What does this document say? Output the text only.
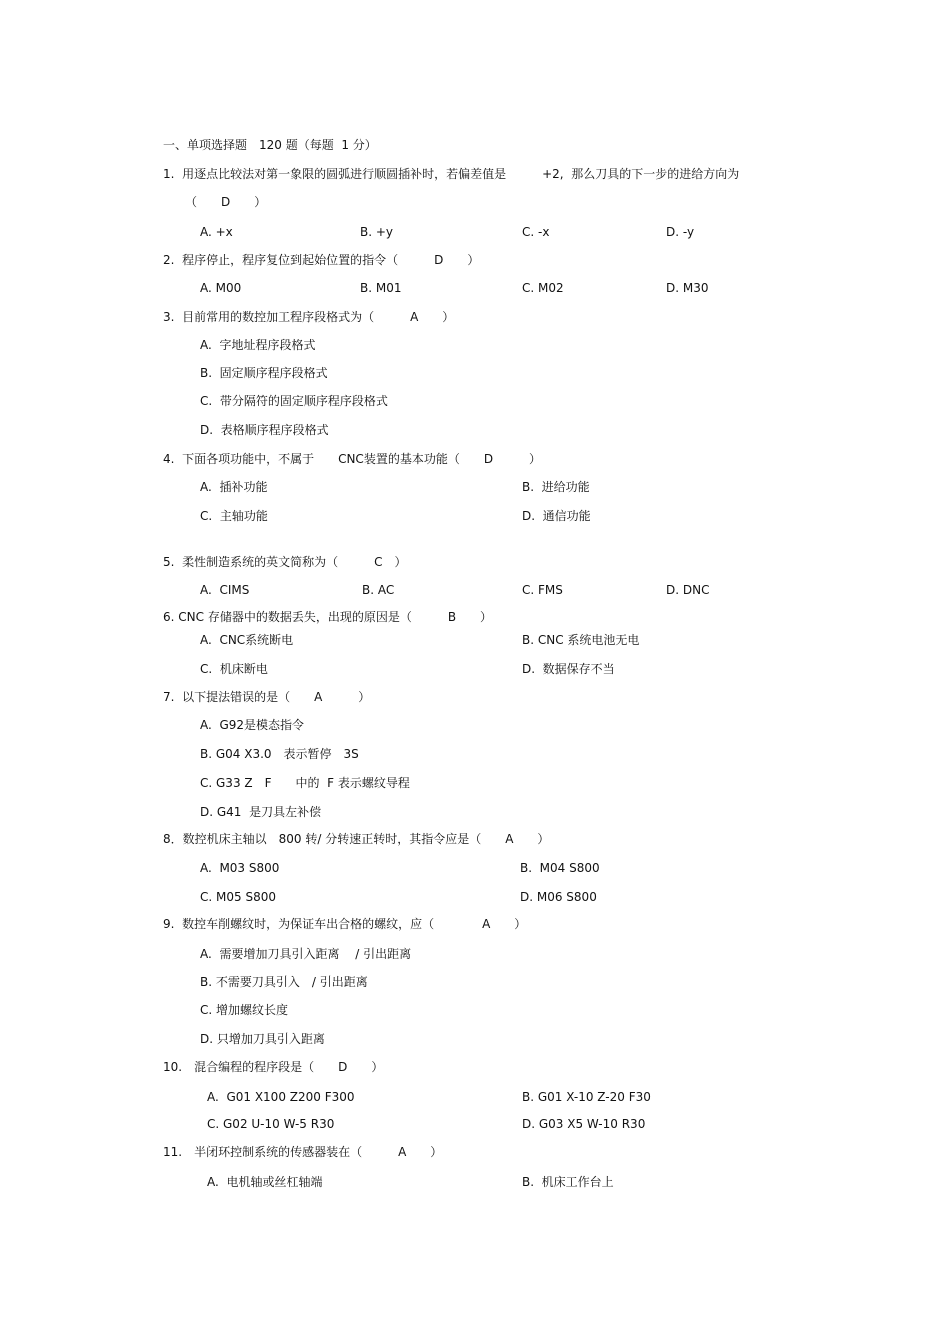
一、单项选择题　120 题（每题  1 分）
1.  用逐点比较法对第一象限的圆弧进行顺圆插补时，若偏差值是　　　+2,  那么刀具的下一步的进给方向为
（　　D　　）
A. +x	B. +y	C. -x	D. -y
2.  程序停止，程序复位到起始位置的指令（　　　D　　）
A. M00	B. M01	C. M02	D. M30
3.  目前常用的数控加工程序段格式为（　　　A　　）
A.  字地址程序段格式
B.  固定顺序程序段格式
C.  带分隔符的固定顺序程序段格式
D.  表格顺序程序段格式
4.  下面各项功能中，不属于　　CNC装置的基本功能（　　D　　　）
A.  插补功能	B.  进给功能
C.  主轴功能	D.  通信功能
5.  柔性制造系统的英文简称为（　　　C　）
A.  CIMS	B. AC	C. FMS	D. DNC
6. CNC 存储器中的数据丢失，出现的原因是（　　　B　　）
A.  CNC系统断电	B. CNC 系统电池无电
C.  机床断电	D.  数据保存不当
7.  以下提法错误的是（　　A　　　）
A.  G92是模态指令
B. G04 X3.0　表示暂停　3S
C. G33 Z　F　　中的  F 表示螺纹导程
D. G41  是刀具左补偿
8．数控机床主轴以　800 转/ 分转速正转时，其指令应是（　　A　　）
A.  M03 S800	B.  M04 S800
C. M05 S800	D. M06 S800
9.  数控车削螺纹时，为保证车出合格的螺纹，应（　　　　A　　）
A.  需要增加刀具引入距离　 / 引出距离
B. 不需要刀具引入　/ 引出距离
C. 增加螺纹长度
D. 只增加刀具引入距离
10.　混合编程的程序段是（　　D　　）
A.  G01 X100 Z200 F300	B. G01 X-10 Z-20 F30
C. G02 U-10 W-5 R30	D. G03 X5 W-10 R30
11.　半闭环控制系统的传感器装在（　　　A　　）
A.  电机轴或丝杠轴端	B.  机床工作台上
